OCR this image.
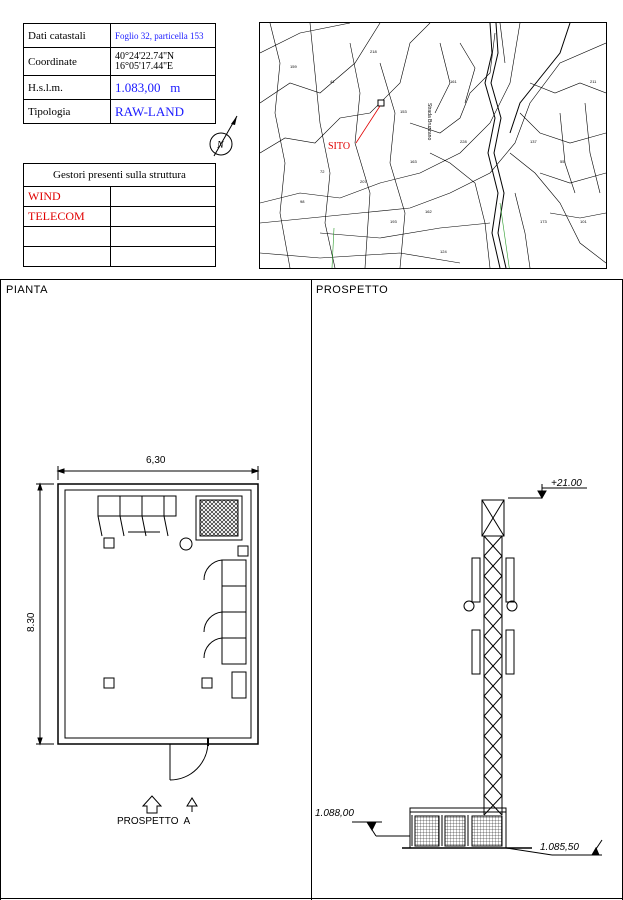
Dati catastali	Foglio 32, particella 153
Coordinate	40°24'22.74''N
16°05'17.44''E

H.s.l.m.	1.083,00   m
Tipologia	RAW-LAND
N
Gestori presenti sulla struttura	
WIND	
TELECOM	

SITO
Strada Bruzzano
159
41
218
153
163
161
228
72
98
207
193
162
137
55
101
173
211
124
PIANTA
6,30
8.30
PROSPETTO  A
PROSPETTO
+21.00
1.088,00
1.085,50
